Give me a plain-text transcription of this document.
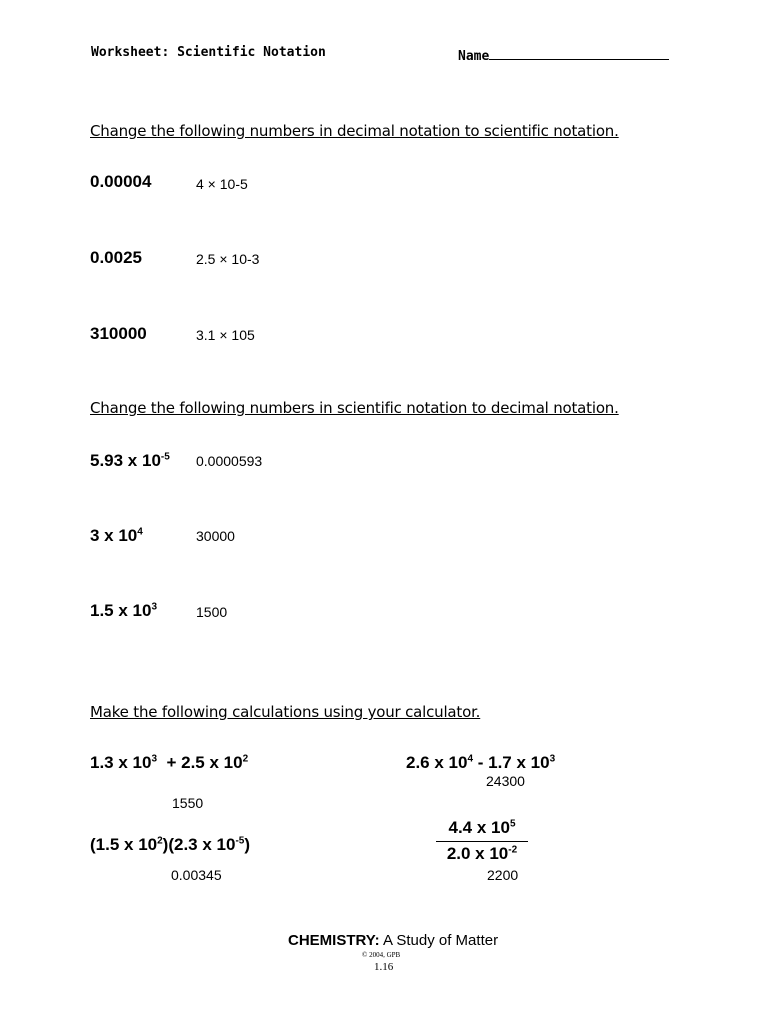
Worksheet: Scientific Notation	Name
Change the following numbers in decimal notation to scientific notation.
0.00004	4 × 10-5
0.0025	2.5 × 10-3
310000	3.1 × 105
Change the following numbers in scientific notation to decimal notation.
5.93 x $10^{-5}$ 0.0000593
3 x $10^4$	30000
1.5 x $10^3$	1500
Make the following calculations using your calculator.
1.3 x $10^3 + 2.5$ x $10^2$
1550
2.6 x $10^4 - 1.7$ x $10^3$
24300
(1.5 x $10^2)(2.3$ x $10^{-5}$)
0.00345
4.4 x $10^5$
2.0 x $10^{-2}$
2200
CHEMISTRY: A Study of Matter
© 2004, GPB
1.16
